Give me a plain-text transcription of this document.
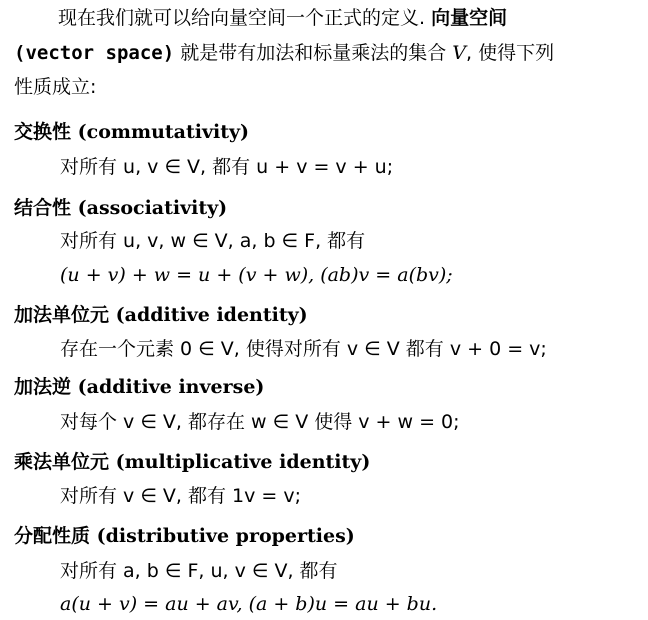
现在我们就可以给向量空间一个正式的定义. 向量空间
(vector space) 就是带有加法和标量乘法的集合 V, 使得下列
性质成立:
交换性 (commutativity)
对所有 u, v ∈ V, 都有 u + v = v + u;
结合性 (associativity)
对所有 u, v, w ∈ V, a, b ∈ F, 都有
(u + v) + w = u + (v + w), (ab)v = a(bv);
加法单位元 (additive identity)
存在一个元素 0 ∈ V, 使得对所有 v ∈ V 都有 v + 0 = v;
加法逆 (additive inverse)
对每个 v ∈ V, 都存在 w ∈ V 使得 v + w = 0;
乘法单位元 (multiplicative identity)
对所有 v ∈ V, 都有 1v = v;
分配性质 (distributive properties)
对所有 a, b ∈ F, u, v ∈ V, 都有
a(u + v) = au + av, (a + b)u = au + bu.
